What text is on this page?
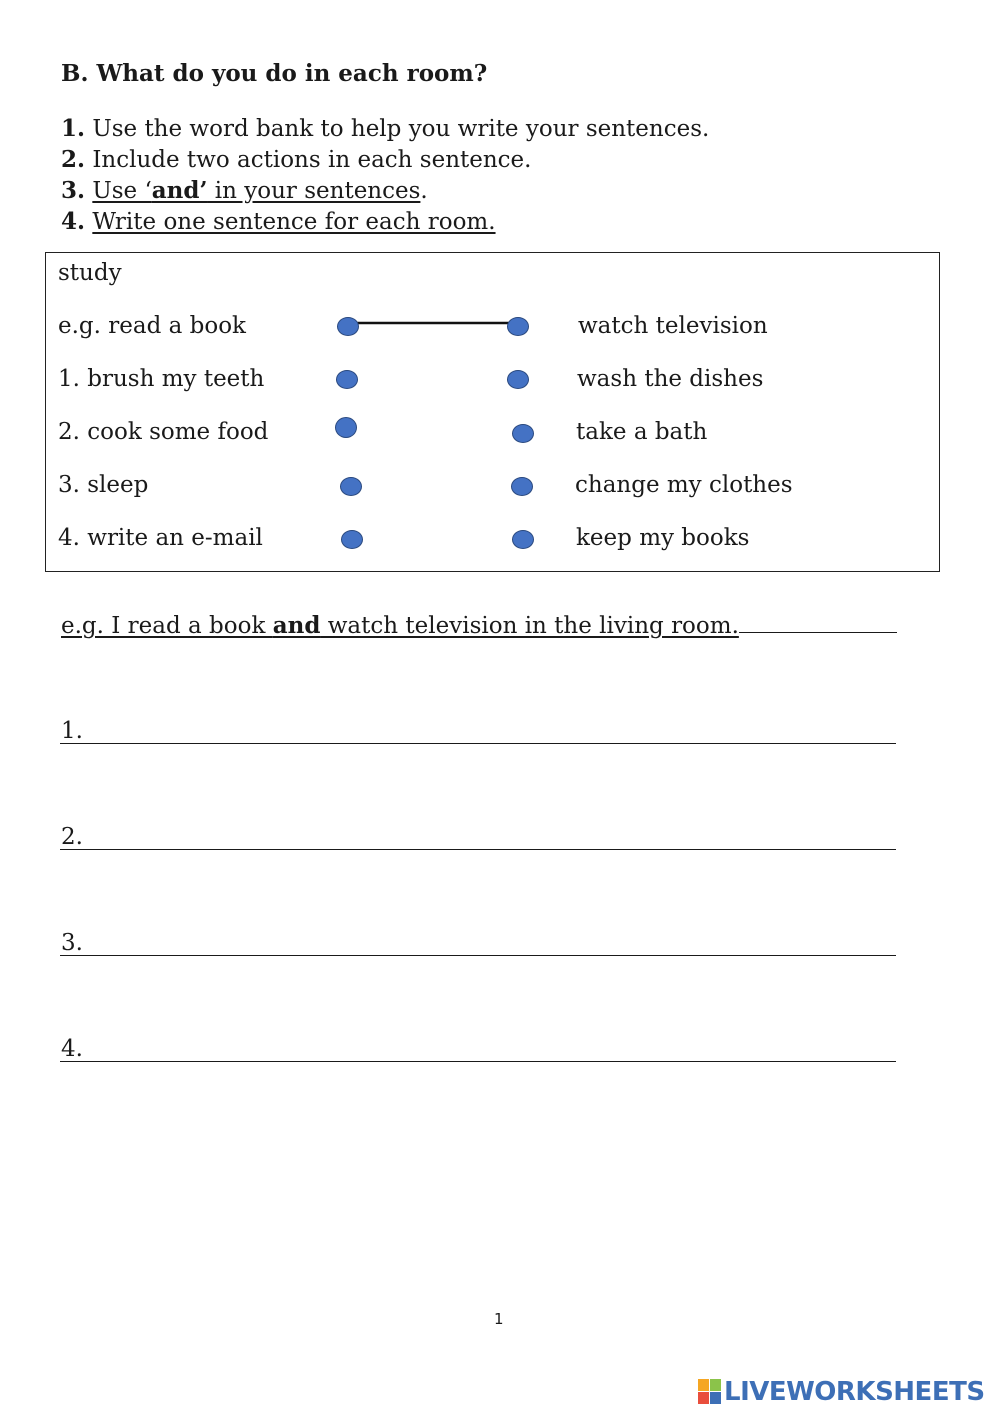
B. What do you do in each room?
1. Use the word bank to help you write your sentences.
2. Include two actions in each sentence.
3. Use ‘and’ in your sentences.
4. Write one sentence for each room.
study
e.g. read a book
1. brush my teeth
2. cook some food
3. sleep
4. write an e-mail
watch television
wash the dishes
take a bath
change my clothes
keep my books
e.g. I read a book and watch television in the living room.
1.
2.
3.
4.
1
LIVEWORKSHEETS
